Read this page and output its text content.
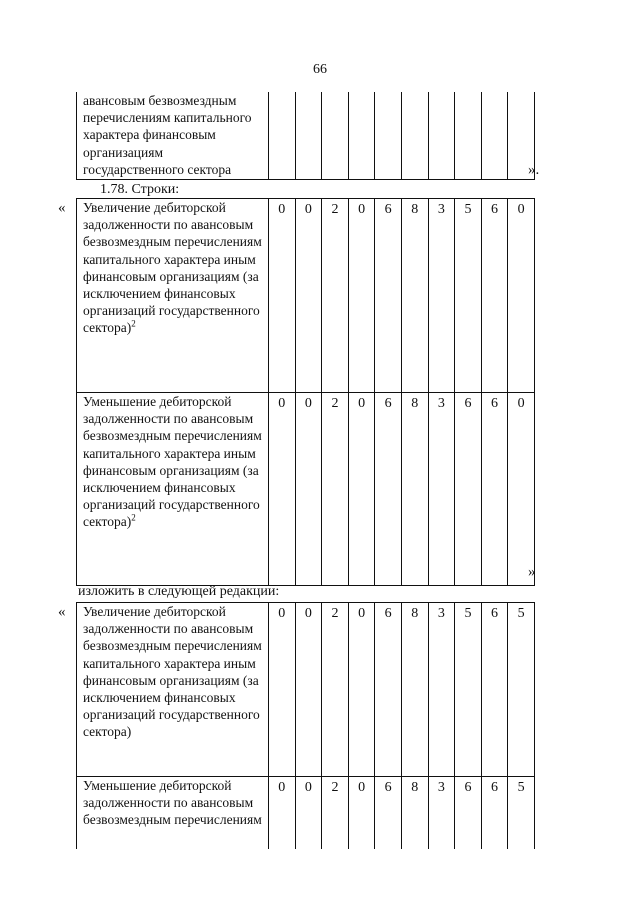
66
авансовым безвозмездным перечислениям капитального характера финансовым организациям государственного сектора											».
1.78. Строки:
« Увеличение дебиторской задолженности по авансовым безвозмездным перечислениям капитального характера иным финансовым организациям (за исключением финансовых организаций государственного сектора)$^2$	0	0	2	0	6	8	3	5	6	0
Уменьшение дебиторской задолженности по авансовым безвозмездным перечислениям капитального характера иным финансовым организациям (за исключением финансовых организаций государственного сектора)$^2$	0	0	2	0	6	8	3	6	6	0
»
изложить в следующей редакции:
« Увеличение дебиторской задолженности по авансовым безвозмездным перечислениям капитального характера иным финансовым организациям (за исключением финансовых организаций государственного сектора)	0	0	2	0	6	8	3	5	6	5
Уменьшение дебиторской задолженности по авансовым безвозмездным перечислениям	0	0	2	0	6	8	3	6	6	5
